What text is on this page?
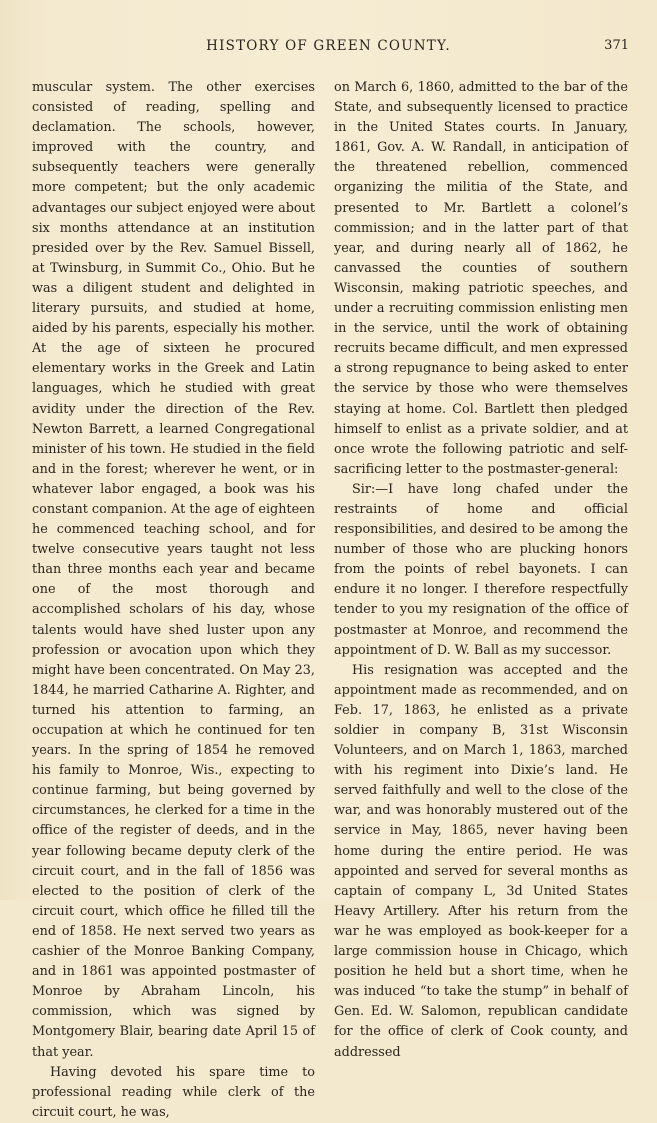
HISTORY OF GREEN COUNTY.	371

muscular system. The other exercises consisted of reading, spelling and declamation. The schools, however, improved with the country, and subsequently teachers were generally more competent; but the only academic advantages our subject enjoyed were about six months attendance at an institution presided over by the Rev. Samuel Bissell, at Twinsburg, in Summit Co., Ohio. But he was a diligent student and delighted in literary pursuits, and studied at home, aided by his parents, especially his mother. At the age of sixteen he procured elementary works in the Greek and Latin languages, which he studied with great avidity under the direction of the Rev. Newton Barrett, a learned Congregational minister of his town. He studied in the field and in the forest; wherever he went, or in whatever labor engaged, a book was his constant companion. At the age of eighteen he commenced teaching school, and for twelve consecutive years taught not less than three months each year and became one of the most thorough and accomplished scholars of his day, whose talents would have shed luster upon any profession or avocation upon which they might have been concentrated. On May 23, 1844, he married Catharine A. Righter, and turned his attention to farming, an occupation at which he continued for ten years. In the spring of 1854 he removed his family to Monroe, Wis., expecting to continue farming, but being governed by circumstances, he clerked for a time in the office of the register of deeds, and in the year following became deputy clerk of the circuit court, and in the fall of 1856 was elected to the position of clerk of the circuit court, which office he filled till the end of 1858. He next served two years as cashier of the Monroe Banking Company, and in 1861 was appointed postmaster of Monroe by Abraham Lincoln, his commission, which was signed by Montgomery Blair, bearing date April 15 of that year.

Having devoted his spare time to professional reading while clerk of the circuit court, he was,

on March 6, 1860, admitted to the bar of the State, and subsequently licensed to practice in the United States courts. In January, 1861, Gov. A. W. Randall, in anticipation of the threatened rebellion, commenced organizing the militia of the State, and presented to Mr. Bartlett a colonel’s commission; and in the latter part of that year, and during nearly all of 1862, he canvassed the counties of southern Wisconsin, making patriotic speeches, and under a recruiting commission enlisting men in the service, until the work of obtaining recruits became difficult, and men expressed a strong repugnance to being asked to enter the service by those who were themselves staying at home. Col. Bartlett then pledged himself to enlist as a private soldier, and at once wrote the following patriotic and self-sacrificing letter to the postmaster-general:

Sir:—I have long chafed under the restraints of home and official responsibilities, and desired to be among the number of those who are plucking honors from the points of rebel bayonets. I can endure it no longer. I therefore respectfully tender to you my resignation of the office of postmaster at Monroe, and recommend the appointment of D. W. Ball as my successor.

His resignation was accepted and the appointment made as recommended, and on Feb. 17, 1863, he enlisted as a private soldier in company B, 31st Wisconsin Volunteers, and on March 1, 1863, marched with his regiment into Dixie’s land. He served faithfully and well to the close of the war, and was honorably mustered out of the service in May, 1865, never having been home during the entire period. He was appointed and served for several months as captain of company L, 3d United States Heavy Artillery. After his return from the war he was employed as book-keeper for a large commission house in Chicago, which position he held but a short time, when he was induced “to take the stump” in behalf of Gen. Ed. W. Salomon, republican candidate for the office of clerk of Cook county, and addressed
